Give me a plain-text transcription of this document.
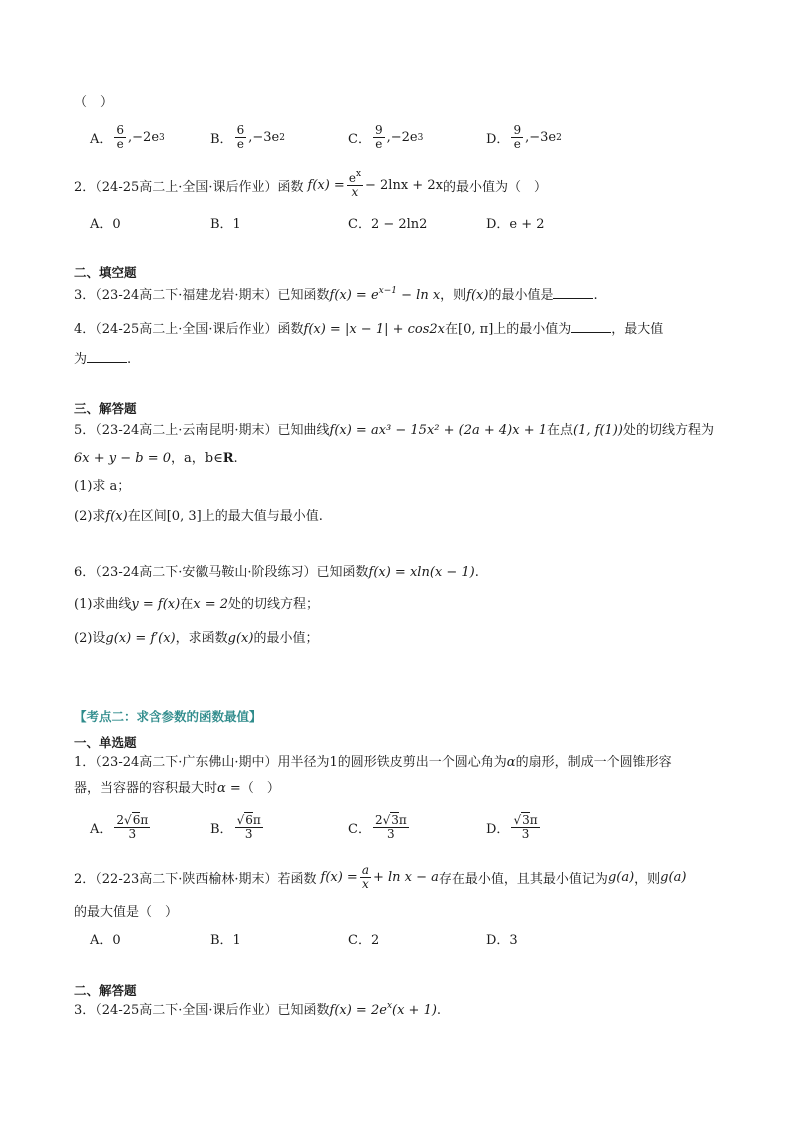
（　）
A． $\frac{6}{e} ,-2e$ 3	B． $\frac{6}{e} ,-3e$ 2	C． $\frac{9}{e} ,-2e$ 3	D． $\frac{9}{e} ,-3e$ 2
2．（24-25高二上·全国·课后作业）函数 $f(x) = \frac{e^x}{x} - 2\ln x + 2x$ 的最小值为（　）
A．0	B．1	C．2 − 2ln2	D．e + 2
二、填空题
3．（23-24高二下·福建龙岩·期末）已知函数$f(x) = e^{x-1} - \ln x$，则f(x)的最小值是	.
4．（24-25高二上·全国·课后作业）函数f(x) = |x − 1| + cos2x在[0, π]上的最小值为	，最大值
为	.
三、解答题
5．（23-24高二上·云南昆明·期末）已知曲线f(x) = ax³ − 15x² + (2a + 4)x + 1在点(1, f(1))处的切线方程为
6x + y − b = 0，a，b∈R.
(1)求 a；
(2)求f(x)在区间[0, 3]上的最大值与最小值.
6．（23-24高二下·安徽马鞍山·阶段练习）已知函数f(x) = xln(x − 1).
(1)求曲线y = f(x)在x = 2处的切线方程；
(2)设g(x) = f′(x)，求函数g(x)的最小值；
【考点二：求含参数的函数最值】
一、单选题
1．（23-24高二下·广东佛山·期中）用半径为1的圆形铁皮剪出一个圆心角为α的扇形，制成一个圆锥形容
器，当容器的容积最大时α =（　）
A． $\frac{2√6\pi}{3}$	B． $\frac{√6\pi}{3}$	C． $\frac{2√3\pi}{3}$	D． $\frac{√3\pi}{3}$
2．（22-23高二下·陕西榆林·期末）若函数 $f(x) = \frac{a}{x} + \ln x - a$ 存在最小值，且其最小值记为 g(a) ，则 g(a)
的最大值是（　）
A．0	B．1	C．2	D．3
二、解答题
3．（24-25高二下·全国·课后作业）已知函数$f(x) = 2e^x(x + 1)$.
